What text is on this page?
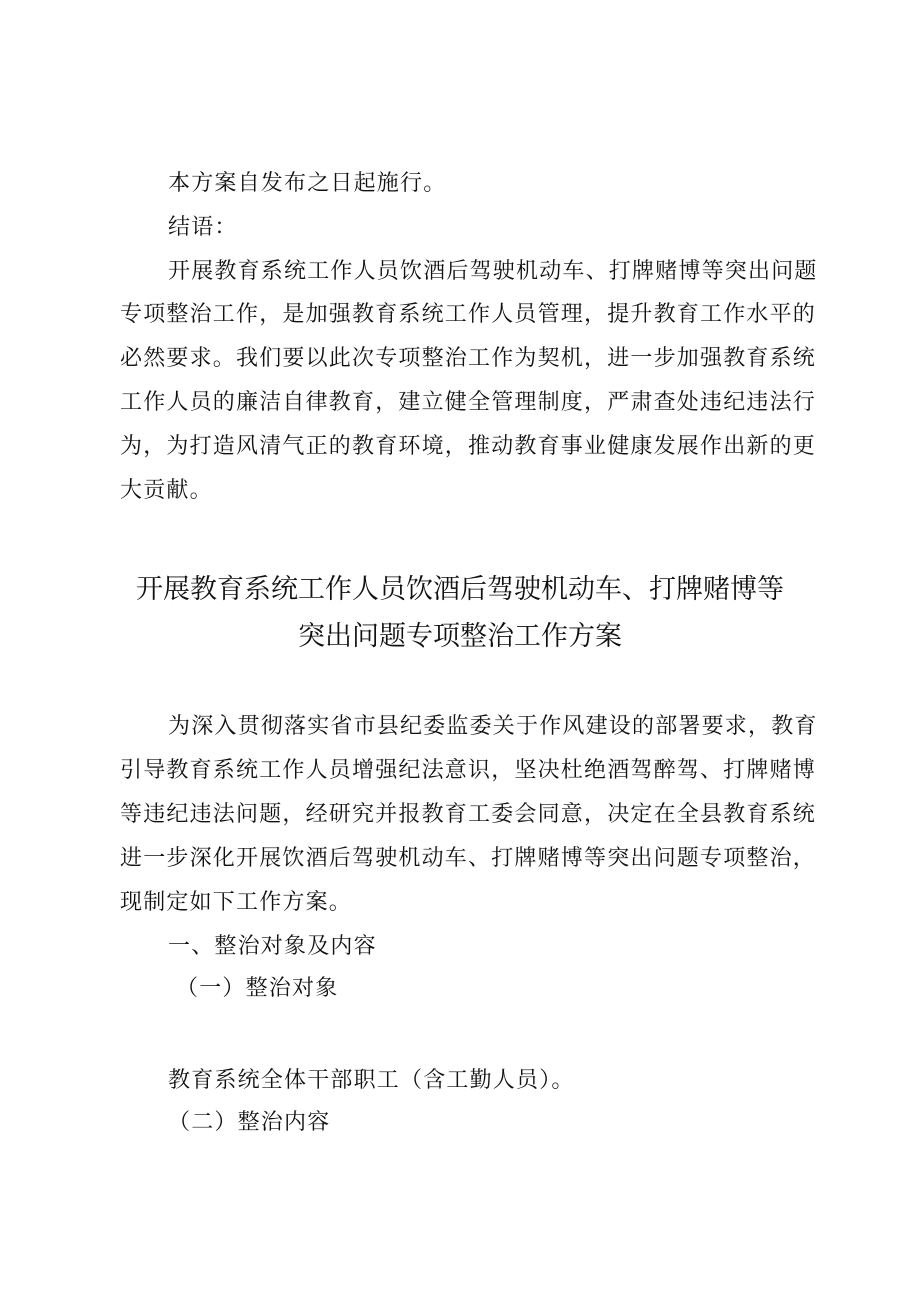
本方案自发布之日起施行。
结语：
开展教育系统工作人员饮酒后驾驶机动车、打牌赌博等突出问题
专项整治工作，是加强教育系统工作人员管理，提升教育工作水平的
必然要求。我们要以此次专项整治工作为契机，进一步加强教育系统
工作人员的廉洁自律教育，建立健全管理制度，严肃查处违纪违法行
为，为打造风清气正的教育环境，推动教育事业健康发展作出新的更
大贡献。
开展教育系统工作人员饮酒后驾驶机动车、打牌赌博等
突出问题专项整治工作方案
为深入贯彻落实省市县纪委监委关于作风建设的部署要求，教育
引导教育系统工作人员增强纪法意识，坚决杜绝酒驾醉驾、打牌赌博
等违纪违法问题，经研究并报教育工委会同意，决定在全县教育系统
进一步深化开展饮酒后驾驶机动车、打牌赌博等突出问题专项整治，
现制定如下工作方案。
一、整治对象及内容
（一）整治对象
教育系统全体干部职工（含工勤人员）。
（二）整治内容
